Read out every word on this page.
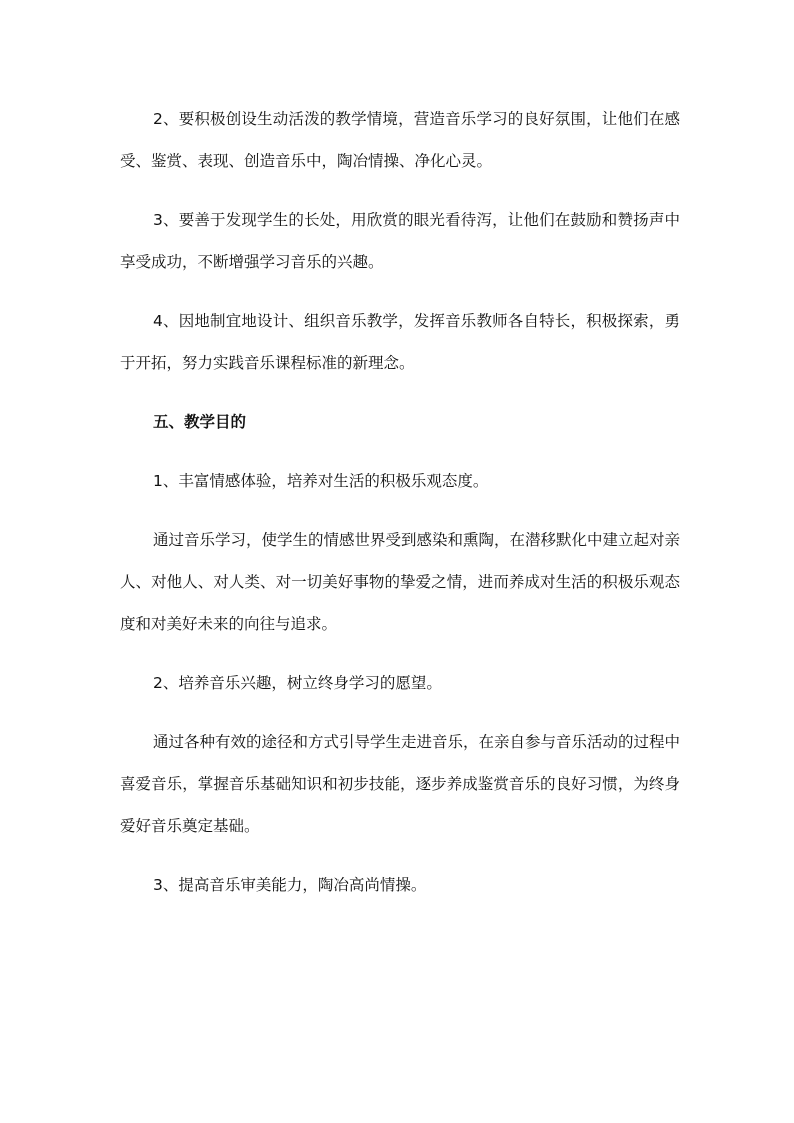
2、要积极创设生动活泼的教学情境，营造音乐学习的良好氛围，让他们在感受、鉴赏、表现、创造音乐中，陶冶情操、净化心灵。

3、要善于发现学生的长处，用欣赏的眼光看待泻，让他们在鼓励和赞扬声中享受成功，不断增强学习音乐的兴趣。

4、因地制宜地设计、组织音乐教学，发挥音乐教师各自特长，积极探索，勇于开拓，努力实践音乐课程标准的新理念。

五、教学目的

1、丰富情感体验，培养对生活的积极乐观态度。

通过音乐学习，使学生的情感世界受到感染和熏陶，在潜移默化中建立起对亲人、对他人、对人类、对一切美好事物的挚爱之情，进而养成对生活的积极乐观态度和对美好未来的向往与追求。

2、培养音乐兴趣，树立终身学习的愿望。

通过各种有效的途径和方式引导学生走进音乐，在亲自参与音乐活动的过程中喜爱音乐，掌握音乐基础知识和初步技能，逐步养成鉴赏音乐的良好习惯，为终身爱好音乐奠定基础。

3、提高音乐审美能力，陶冶高尚情操。
